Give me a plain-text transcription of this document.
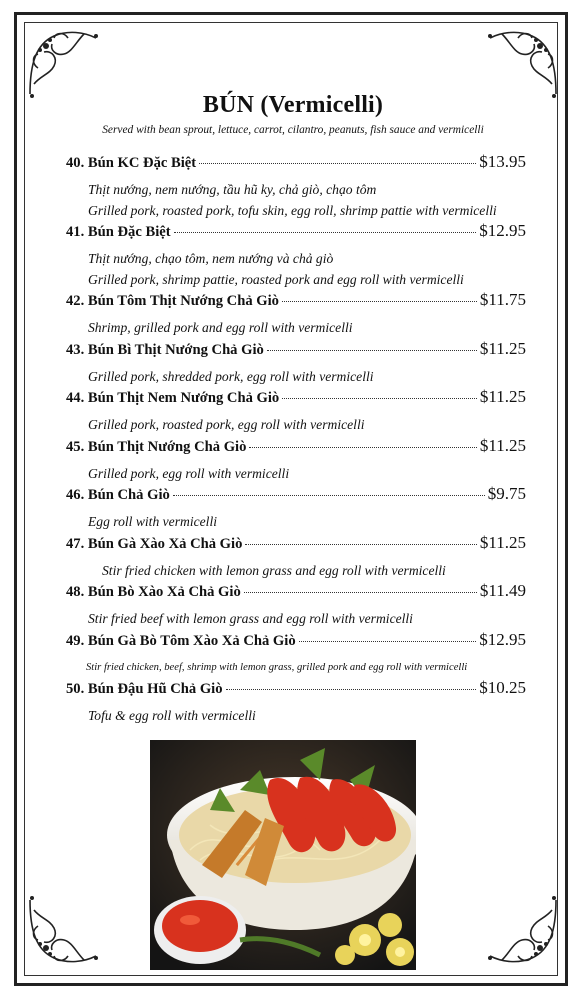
BÚN (Vermicelli)
Served with bean sprout, lettuce, carrot, cilantro, peanuts, fish sauce and vermicelli
40. Bún KC Đặc Biệt	$13.95
Thịt nướng, nem nướng, tầu hũ ky, chả giò, chạo tôm
Grilled pork, roasted pork, tofu skin, egg roll, shrimp pattie with vermicelli
41. Bún Đặc Biệt	$12.95
Thịt nướng, chạo tôm, nem nướng và chả giò
Grilled pork, shrimp pattie, roasted pork and egg roll with vermicelli
42. Bún Tôm Thịt Nướng Chả Giò	$11.75
Shrimp, grilled pork and egg roll with vermicelli
43. Bún Bì Thịt Nướng Chả Giò	$11.25
Grilled pork, shredded pork, egg roll with vermicelli
44. Bún Thịt Nem Nướng Chả Giò	$11.25
Grilled pork, roasted pork, egg roll with vermicelli
45. Bún Thịt Nướng Chả Giò	$11.25
Grilled pork, egg roll with vermicelli
46. Bún Chả Giò	$9.75
Egg roll with vermicelli
47. Bún Gà Xào Xả Chả Giò	$11.25
Stir fried chicken with lemon grass and egg roll with vermicelli
48. Bún Bò Xào Xả Chả Giò	$11.49
Stir fried beef with lemon grass and egg roll with vermicelli
49. Bún Gà Bò Tôm Xào Xả Chả Giò	$12.95
Stir fried chicken, beef, shrimp with lemon grass, grilled pork and egg roll with vermicelli
50. Bún Đậu Hũ Chả Giò	$10.25
Tofu & egg roll with vermicelli
